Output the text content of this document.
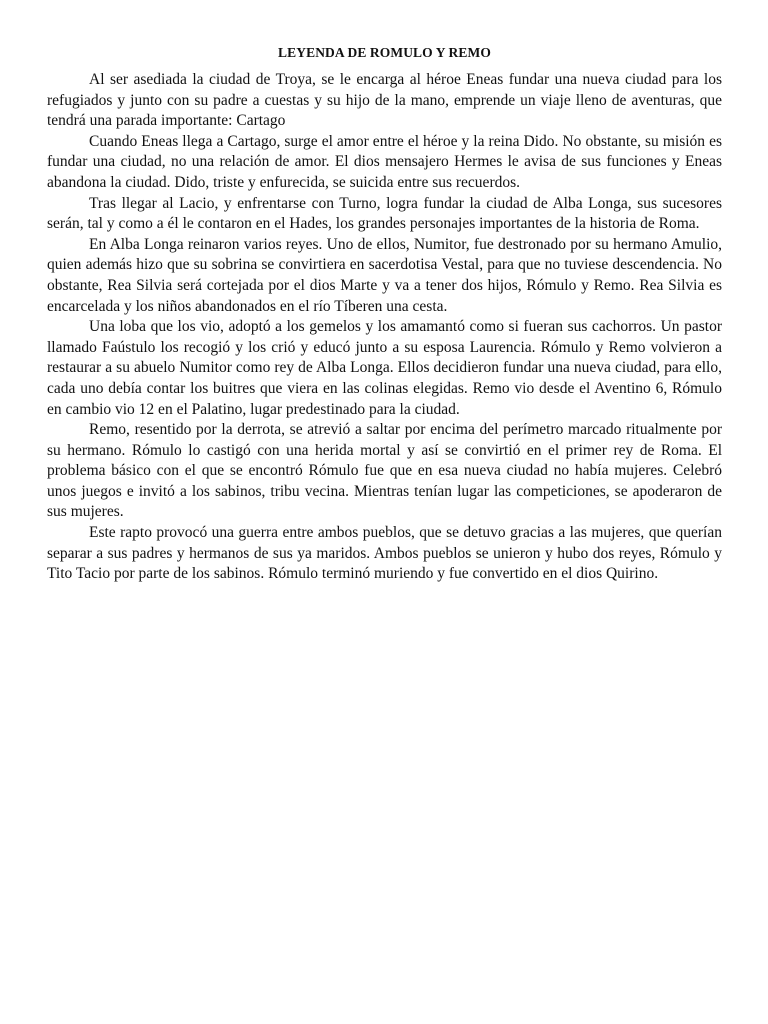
LEYENDA DE ROMULO Y REMO

Al ser asediada la ciudad de Troya, se le encarga al héroe Eneas fundar una nueva ciudad para los refugiados y junto con su padre a cuestas y su hijo de la mano, emprende un viaje lleno de aventuras, que tendrá una parada importante: Cartago

Cuando Eneas llega a Cartago, surge el amor entre el héroe y la reina Dido. No obstante, su misión es fundar una ciudad, no una relación de amor. El dios mensajero Hermes le avisa de sus funciones y Eneas abandona la ciudad. Dido, triste y enfurecida, se suicida entre sus recuerdos.

Tras llegar al Lacio, y enfrentarse con Turno, logra fundar la ciudad de Alba Longa, sus sucesores serán, tal y como a él le contaron en el Hades, los grandes personajes importantes de la historia de Roma.

En Alba Longa reinaron varios reyes. Uno de ellos, Numitor, fue destronado por su hermano Amulio, quien además hizo que su sobrina se convirtiera en sacerdotisa Vestal, para que no tuviese descendencia. No obstante, Rea Silvia será cortejada por el dios Marte y va a tener dos hijos, Rómulo y Remo. Rea Silvia es encarcelada y los niños abandonados en el río Tíberen una cesta.

Una loba que los vio, adoptó a los gemelos y los amamantó como si fueran sus cachorros. Un pastor llamado Faústulo los recogió y los crió y educó junto a su esposa Laurencia. Rómulo y Remo volvieron a restaurar a su abuelo Numitor como rey de Alba Longa. Ellos decidieron fundar una nueva ciudad, para ello, cada uno debía contar los buitres que viera en las colinas elegidas. Remo vio desde el Aventino 6, Rómulo en cambio vio 12 en el Palatino, lugar predestinado para la ciudad.

Remo, resentido por la derrota, se atrevió a saltar por encima del perímetro marcado ritualmente por su hermano. Rómulo lo castigó con una herida mortal y así se convirtió en el primer rey de Roma. El problema básico con el que se encontró Rómulo fue que en esa nueva ciudad no había mujeres. Celebró unos juegos e invitó a los sabinos, tribu vecina. Mientras tenían lugar las competiciones, se apoderaron de sus mujeres.

Este rapto provocó una guerra entre ambos pueblos, que se detuvo gracias a las mujeres, que querían separar a sus padres y hermanos de sus ya maridos. Ambos pueblos se unieron y hubo dos reyes, Rómulo y Tito Tacio por parte de los sabinos. Rómulo terminó muriendo y fue convertido en el dios Quirino.
